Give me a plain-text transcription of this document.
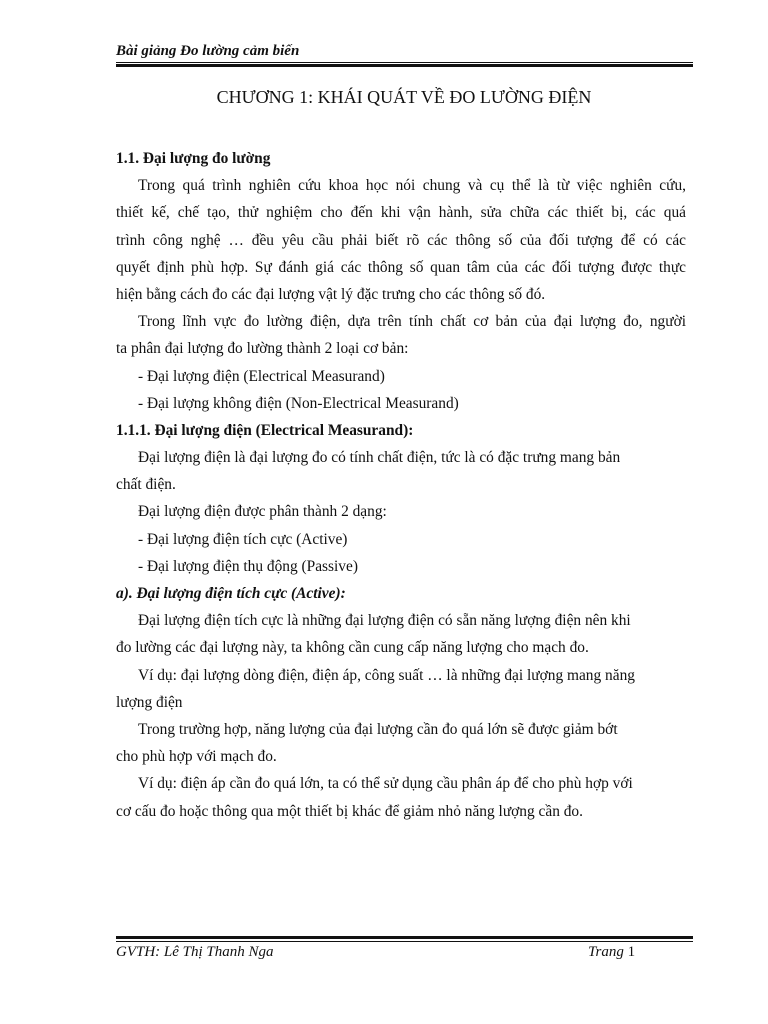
Bài giảng Đo lường cảm biến
CHƯƠNG 1: KHÁI QUÁT VỀ ĐO LƯỜNG ĐIỆN
1.1. Đại lượng đo lường
Trong quá trình nghiên cứu khoa học nói chung và cụ thể là từ việc nghiên cứu,
thiết kế, chế tạo, thử nghiệm cho đến khi vận hành, sửa chữa các thiết bị, các quá
trình công nghệ … đều yêu cầu phải biết rõ các thông số của đối tượng để có các
quyết định phù hợp. Sự đánh giá các thông số quan tâm của các đối tượng được thực
hiện bằng cách đo các đại lượng vật lý đặc trưng cho các thông số đó.
Trong lĩnh vực đo lường điện, dựa trên tính chất cơ bản của đại lượng đo, người
ta phân đại lượng đo lường thành 2 loại cơ bản:
- Đại lượng điện (Electrical Measurand)
- Đại lượng không điện (Non-Electrical Measurand)
1.1.1. Đại lượng điện (Electrical Measurand):
Đại lượng điện là đại lượng đo có tính chất điện, tức là có đặc trưng mang bản
chất điện.
Đại lượng điện được phân thành 2 dạng:
- Đại lượng điện tích cực (Active)
- Đại lượng điện thụ động (Passive)
a). Đại lượng điện tích cực (Active):
Đại lượng điện tích cực là những đại lượng điện có sẵn năng lượng điện nên khi
đo lường các đại lượng này, ta không cần cung cấp năng lượng cho mạch đo.
Ví dụ: đại lượng dòng điện, điện áp, công suất … là những đại lượng mang năng
lượng điện
Trong trường hợp, năng lượng của đại lượng cần đo quá lớn sẽ được giảm bớt
cho phù hợp với mạch đo.
Ví dụ: điện áp cần đo quá lớn, ta có thể sử dụng cầu phân áp để cho phù hợp với
cơ cấu đo hoặc thông qua một thiết bị khác để giảm nhỏ năng lượng cần đo.
GVTH: Lê Thị Thanh Nga	Trang 1
